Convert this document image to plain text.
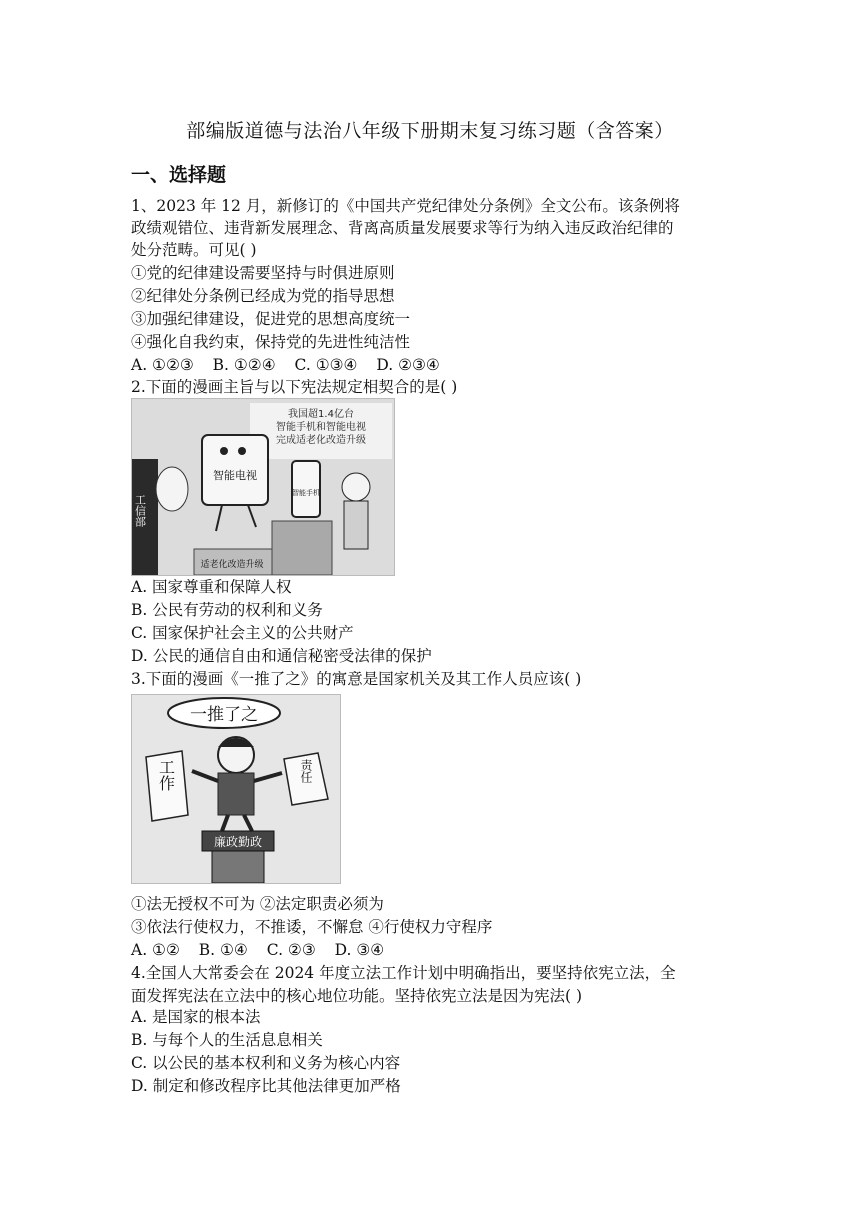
部编版道德与法治八年级下册期末复习练习题（含答案）
一、选择题
1、2023 年 12 月，新修订的《中国共产党纪律处分条例》全文公布。该条例将
政绩观错位、违背新发展理念、背离高质量发展要求等行为纳入违反政治纪律的
处分范畴。可见( )
①党的纪律建设需要坚持与时俱进原则
②纪律处分条例已经成为党的指导思想
③加强纪律建设，促进党的思想高度统一
④强化自我约束，保持党的先进性纯洁性
A. ①②③ B. ①②④ C. ①③④ D. ②③④
2.下面的漫画主旨与以下宪法规定相契合的是( )
我国超1.4亿台
智能手机和智能电视
完成适老化改造升级
工信部
适老化改造升级
智能电视
智能手机
A. 国家尊重和保障人权
B. 公民有劳动的权利和义务
C. 国家保护社会主义的公共财产
D. 公民的通信自由和通信秘密受法律的保护
3.下面的漫画《一推了之》的寓意是国家机关及其工作人员应该( )
一推了之
工作	责任
廉政勤政
①法无授权不可为 ②法定职责必须为
③依法行使权力，不推诿，不懈怠 ④行使权力守程序
A. ①② B. ①④ C. ②③ D. ③④
4.全国人大常委会在 2024 年度立法工作计划中明确指出，要坚持依宪立法，全
面发挥宪法在立法中的核心地位功能。坚持依宪立法是因为宪法( )
A. 是国家的根本法
B. 与每个人的生活息息相关
C. 以公民的基本权利和义务为核心内容
D. 制定和修改程序比其他法律更加严格
